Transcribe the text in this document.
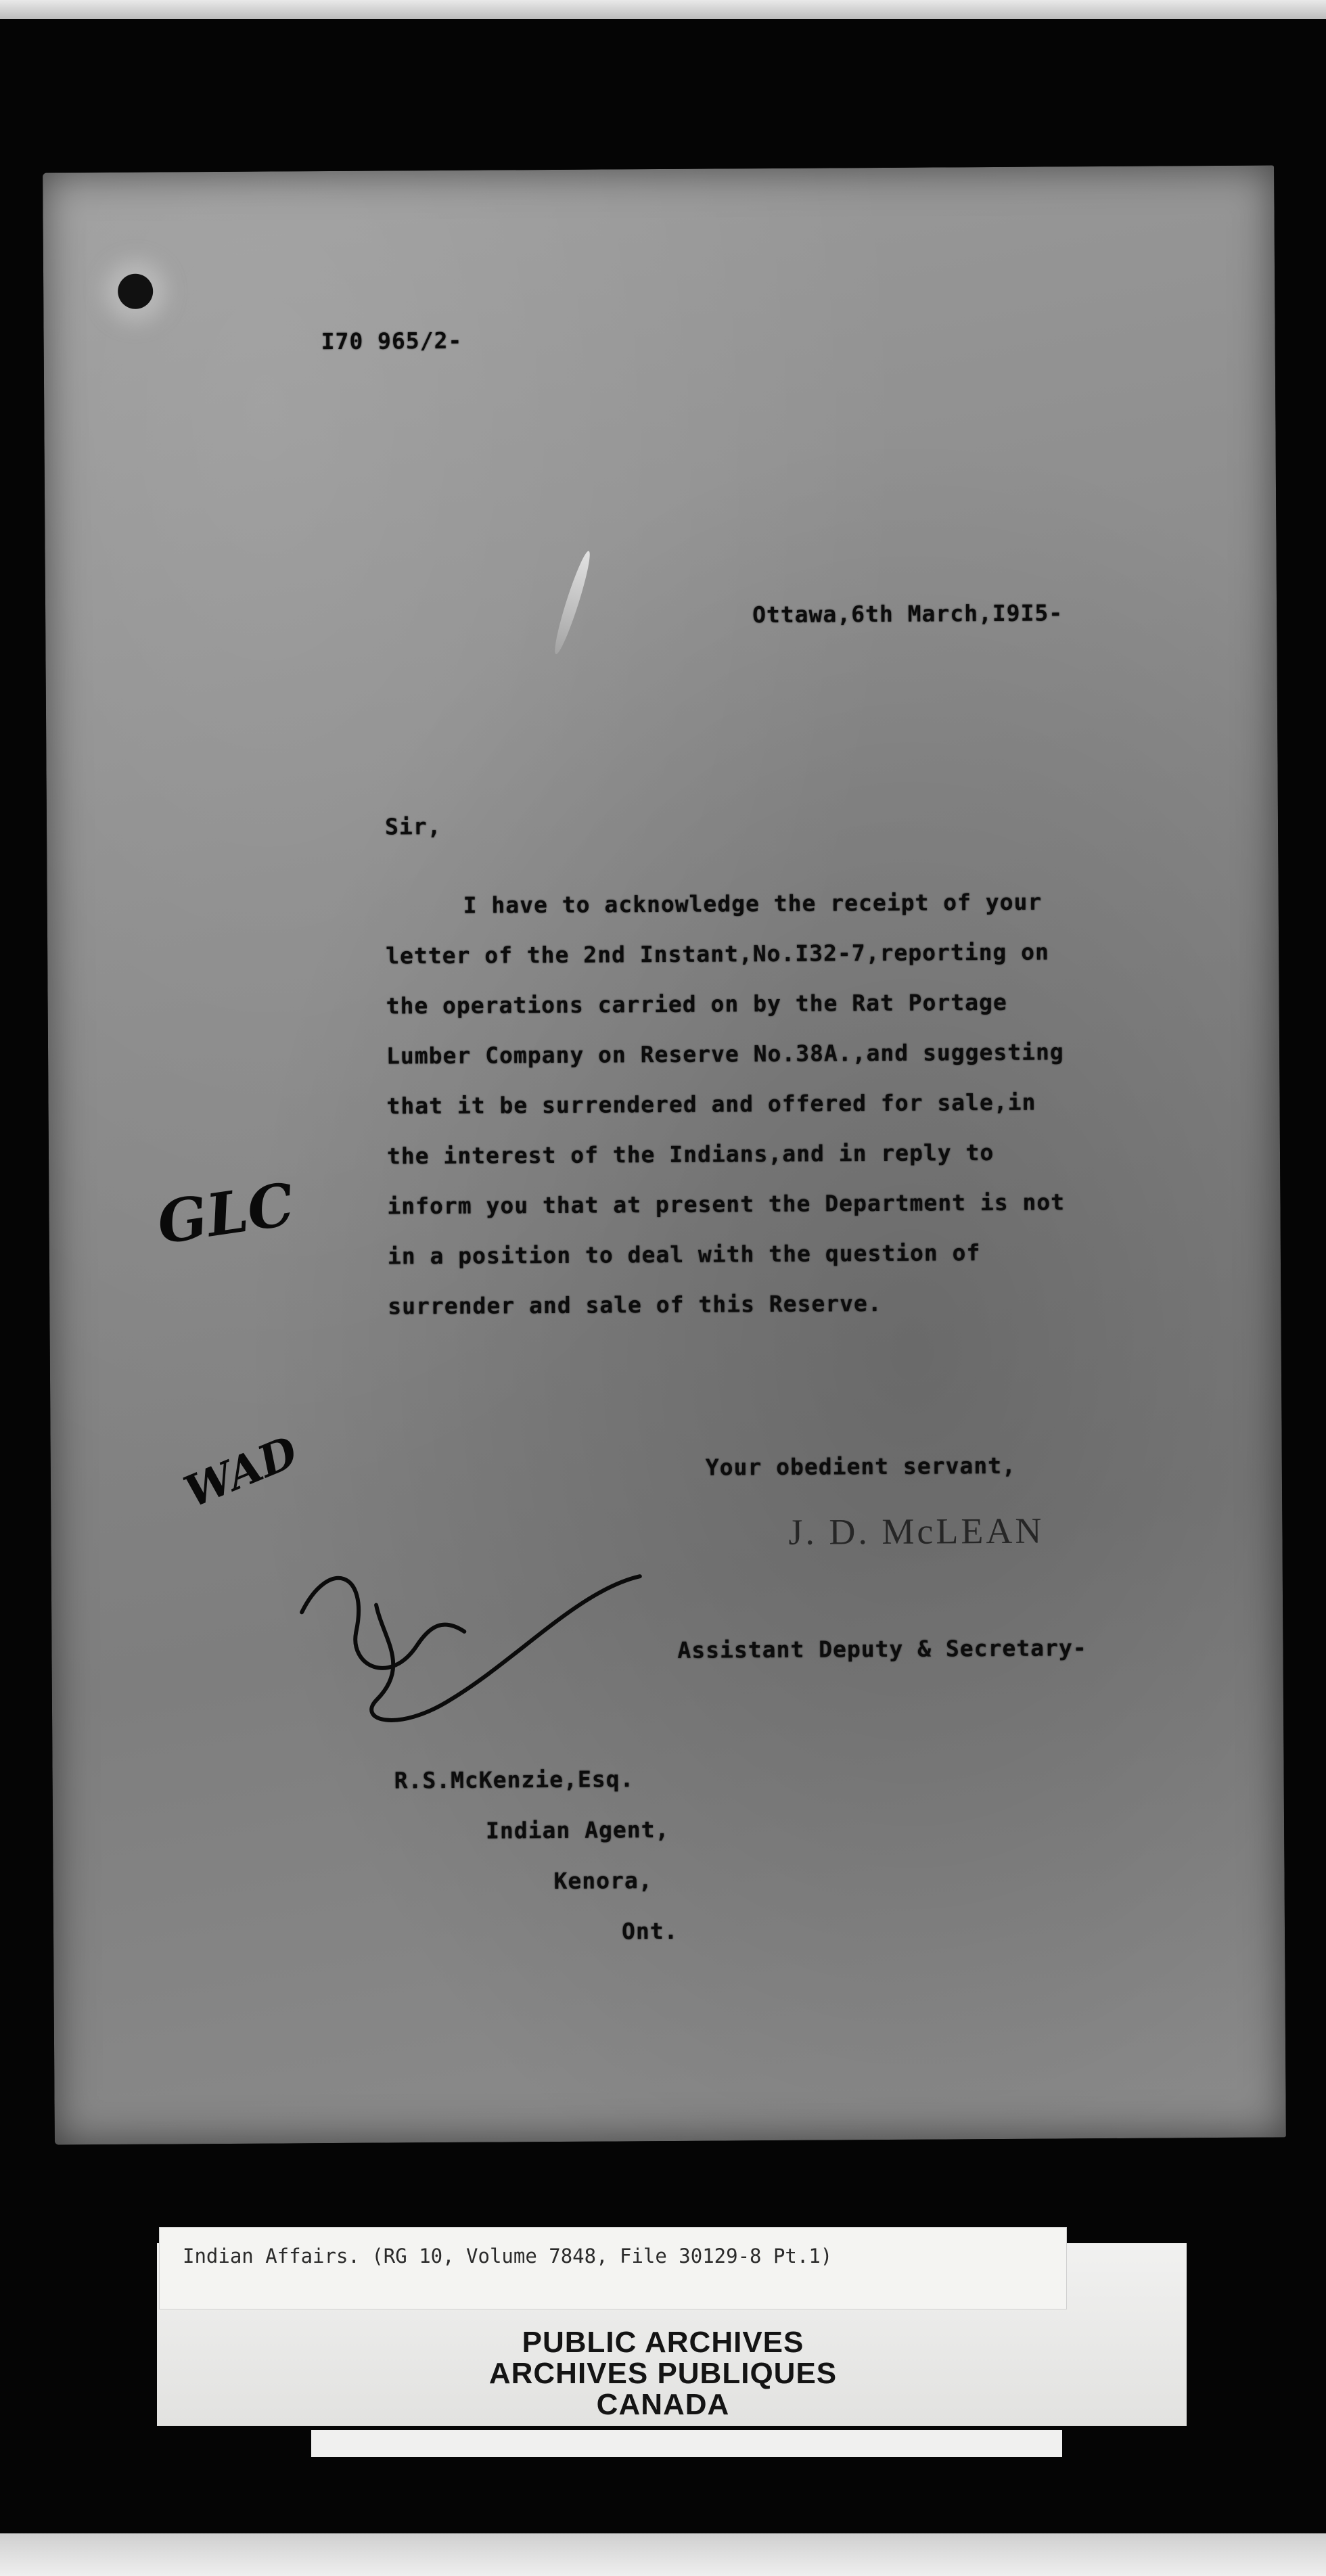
I70 965/2-
Ottawa,6th March,I9I5-
Sir,
I have to acknowledge the receipt of your
letter of the 2nd Instant,No.I32-7,reporting on
the operations carried on by the Rat Portage
Lumber Company on Reserve No.38A.,and suggesting
that it be surrendered and offered for sale,in
the interest of the Indians,and in reply to
inform you that at present the Department is not
in a position to deal with the question of
surrender and sale of this Reserve.
GLC
Your obedient servant,
J. D. McLEAN
WAD
Assistant Deputy & Secretary-
R.S.McKenzie,Esq.
Indian Agent,
Kenora,
Ont.
Indian Affairs. (RG 10, Volume 7848, File 30129-8 Pt.1)
PUBLIC ARCHIVES
ARCHIVES PUBLIQUES
CANADA
